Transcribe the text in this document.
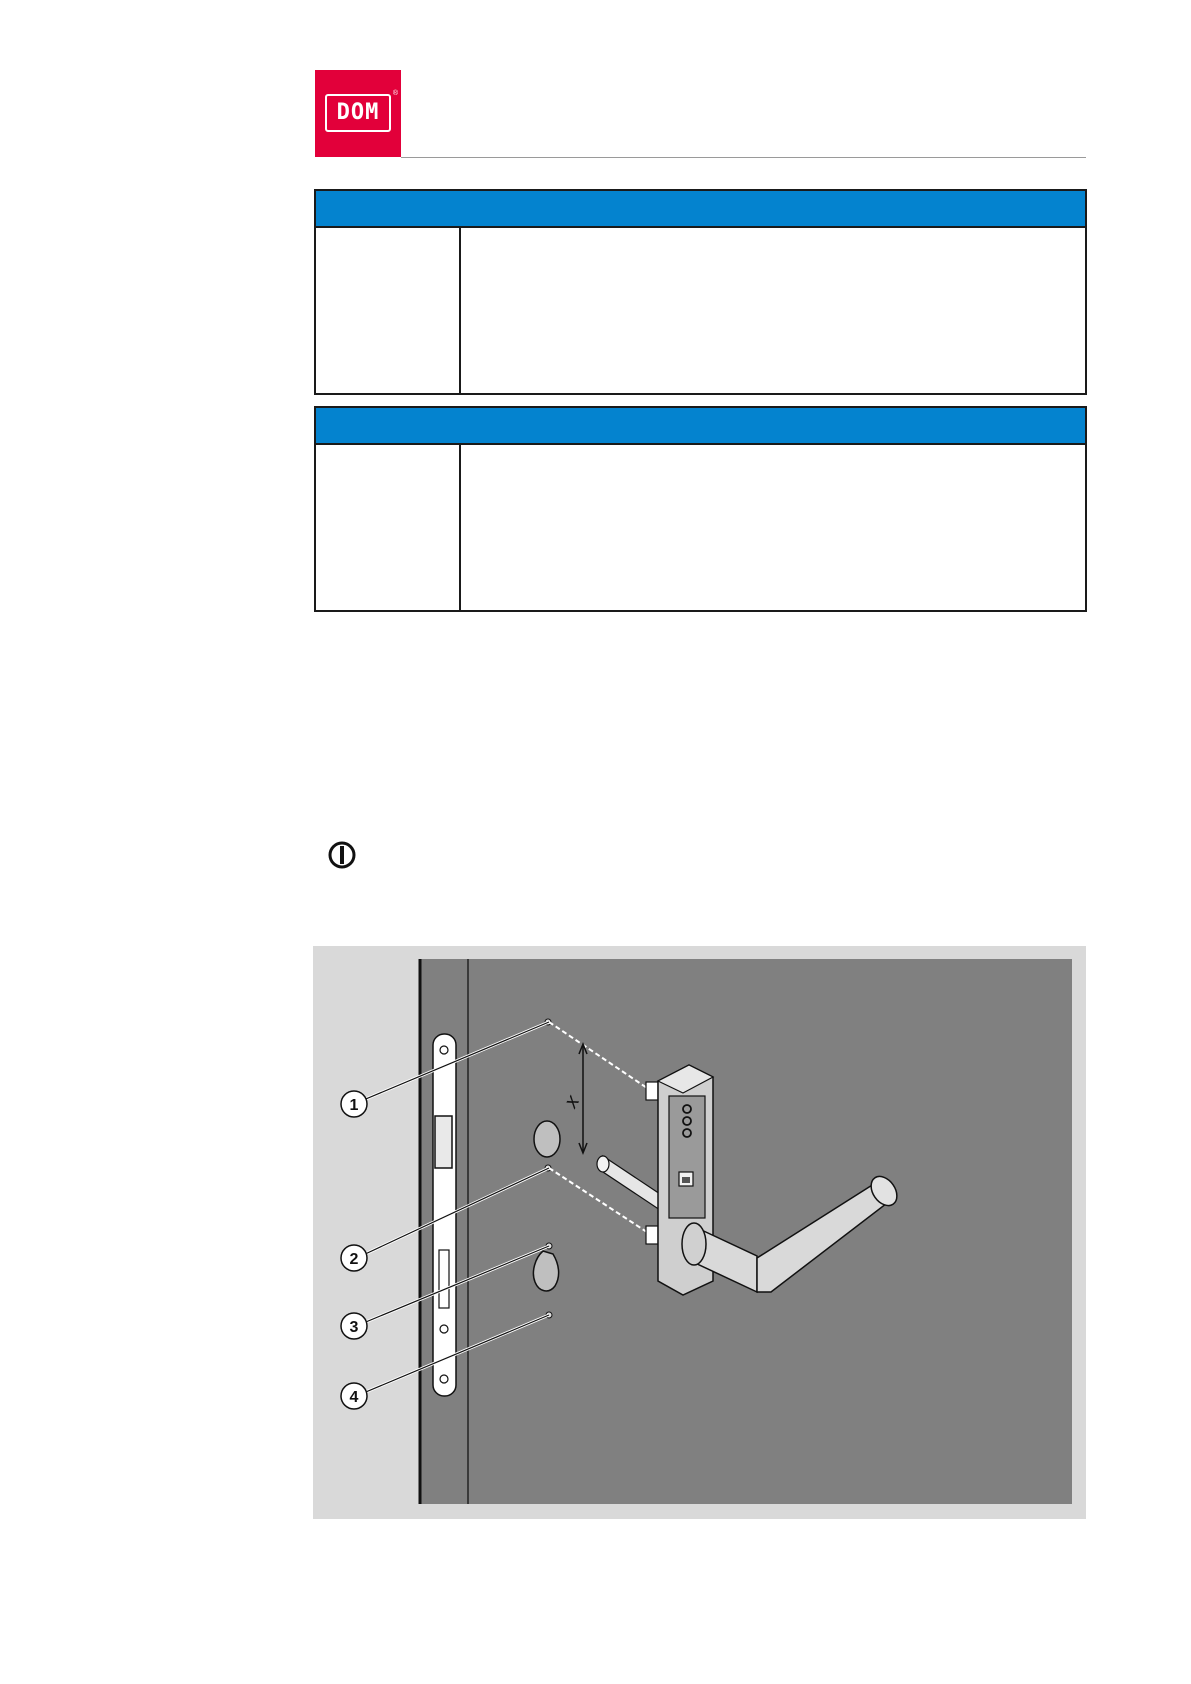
DOM
®
x
1
2
3
4
